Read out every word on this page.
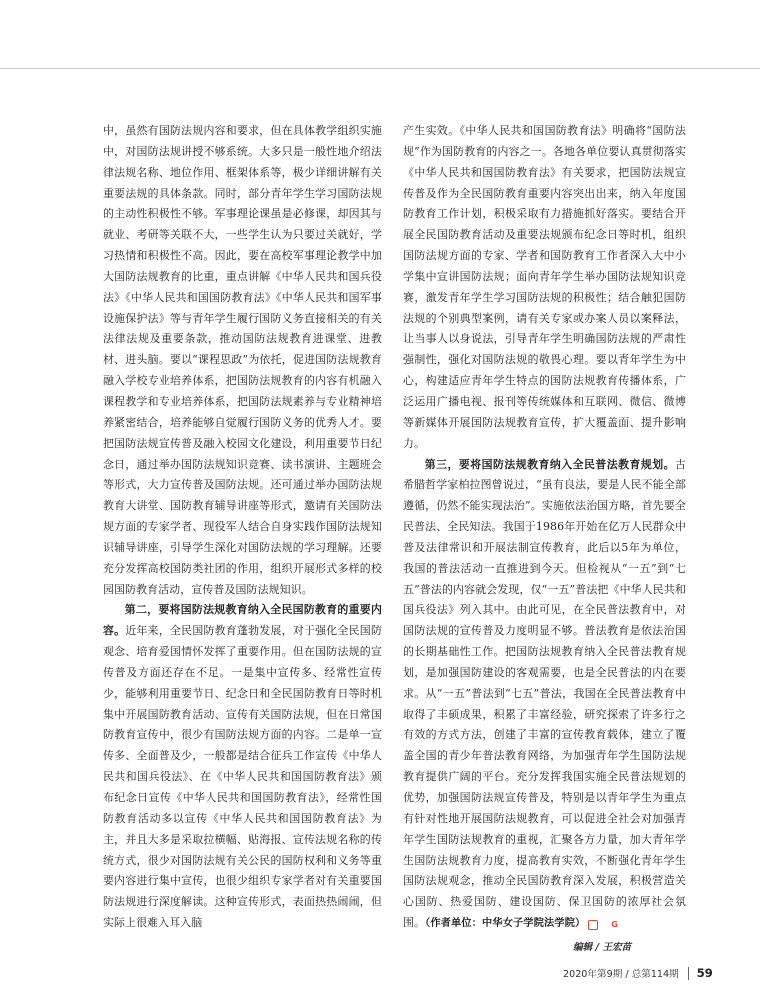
中，虽然有国防法规内容和要求，但在具体教学组织实施中，对国防法规讲授不够系统。大多只是一般性地介绍法律法规名称、地位作用、框架体系等，极少详细讲解有关重要法规的具体条款。同时，部分青年学生学习国防法规的主动性积极性不够。军事理论课虽是必修课，却因其与就业、考研等关联不大，一些学生认为只要过关就好，学习热情和积极性不高。因此，要在高校军事理论教学中加大国防法规教育的比重，重点讲解《中华人民共和国兵役法》《中华人民共和国国防教育法》《中华人民共和国军事设施保护法》等与青年学生履行国防义务直接相关的有关法律法规及重要条款，推动国防法规教育进课堂、进教材、进头脑。要以“课程思政”为依托，促进国防法规教育融入学校专业培养体系，把国防法规教育的内容有机融入课程教学和专业培养体系，把国防法规素养与专业精神培养紧密结合，培养能够自觉履行国防义务的优秀人才。要把国防法规宣传普及融入校园文化建设，利用重要节日纪念日，通过举办国防法规知识竞赛、读书演讲、主题班会等形式，大力宣传普及国防法规。还可通过举办国防法规教育大讲堂、国防教育辅导讲座等形式，邀请有关国防法规方面的专家学者、现役军人结合自身实践作国防法规知识辅导讲座，引导学生深化对国防法规的学习理解。还要充分发挥高校国防类社团的作用，组织开展形式多样的校园国防教育活动，宣传普及国防法规知识。

第二，要将国防法规教育纳入全民国防教育的重要内容。近年来，全民国防教育蓬勃发展，对于强化全民国防观念、培育爱国情怀发挥了重要作用。但在国防法规的宣传普及方面还存在不足。一是集中宣传多、经常性宣传少，能够利用重要节日、纪念日和全民国防教育日等时机集中开展国防教育活动、宣传有关国防法规，但在日常国防教育宣传中，很少有国防法规方面的内容。二是单一宣传多、全面普及少，一般都是结合征兵工作宣传《中华人民共和国兵役法》、在《中华人民共和国国防教育法》颁布纪念日宣传《中华人民共和国国防教育法》，经常性国防教育活动多以宣传《中华人民共和国国防教育法》为主，并且大多是采取拉横幅、贴海报、宣传法规名称的传统方式，很少对国防法规有关公民的国防权利和义务等重要内容进行集中宣传，也很少组织专家学者对有关重要国防法规进行深度解读。这种宣传形式，表面热热闹闹，但实际上很难入耳入脑

产生实效。《中华人民共和国国防教育法》明确将“国防法规”作为国防教育的内容之一。各地各单位要认真贯彻落实《中华人民共和国国防教育法》有关要求，把国防法规宣传普及作为全民国防教育重要内容突出出来，纳入年度国防教育工作计划，积极采取有力措施抓好落实。要结合开展全民国防教育活动及重要法规颁布纪念日等时机，组织国防法规方面的专家、学者和国防教育工作者深入大中小学集中宣讲国防法规；面向青年学生举办国防法规知识竞赛，激发青年学生学习国防法规的积极性；结合触犯国防法规的个别典型案例，请有关专家或办案人员以案释法，让当事人以身说法，引导青年学生明确国防法规的严肃性强制性，强化对国防法规的敬畏心理。要以青年学生为中心，构建适应青年学生特点的国防法规教育传播体系，广泛运用广播电视、报刊等传统媒体和互联网、微信、微博等新媒体开展国防法规教育宣传，扩大覆盖面、提升影响力。

第三，要将国防法规教育纳入全民普法教育规划。古希腊哲学家柏拉图曾说过，“虽有良法，要是人民不能全部遵循，仍然不能实现法治”。实施依法治国方略，首先要全民普法、全民知法。我国于1986年开始在亿万人民群众中普及法律常识和开展法制宣传教育，此后以5年为单位，我国的普法活动一直推进到今天。但检视从“一五”到“七五”普法的内容就会发现，仅“一五”普法把《中华人民共和国兵役法》列入其中。由此可见，在全民普法教育中，对国防法规的宣传普及力度明显不够。普法教育是依法治国的长期基础性工作。把国防法规教育纳入全民普法教育规划，是加强国防建设的客观需要，也是全民普法的内在要求。从“一五”普法到“七五”普法，我国在全民普法教育中取得了丰硕成果，积累了丰富经验，研究探索了许多行之有效的方式方法，创建了丰富的宣传教育载体，建立了覆盖全国的青少年普法教育网络，为加强青年学生国防法规教育提供广阔的平台。充分发挥我国实施全民普法规划的优势，加强国防法规宣传普及，特别是以青年学生为重点有针对性地开展国防法规教育，可以促进全社会对加强青年学生国防法规教育的重视，汇聚各方力量，加大青年学生国防法规教育力度，提高教育实效，不断强化青年学生国防法规观念，推动全民国防教育深入发展，积极营造关心国防、热爱国防、建设国防、保卫国防的浓厚社会氛围。（作者单位：中华女子学院法学院）	G

编辑 / 王宏苗
2020年第9期 / 总第114期 59
